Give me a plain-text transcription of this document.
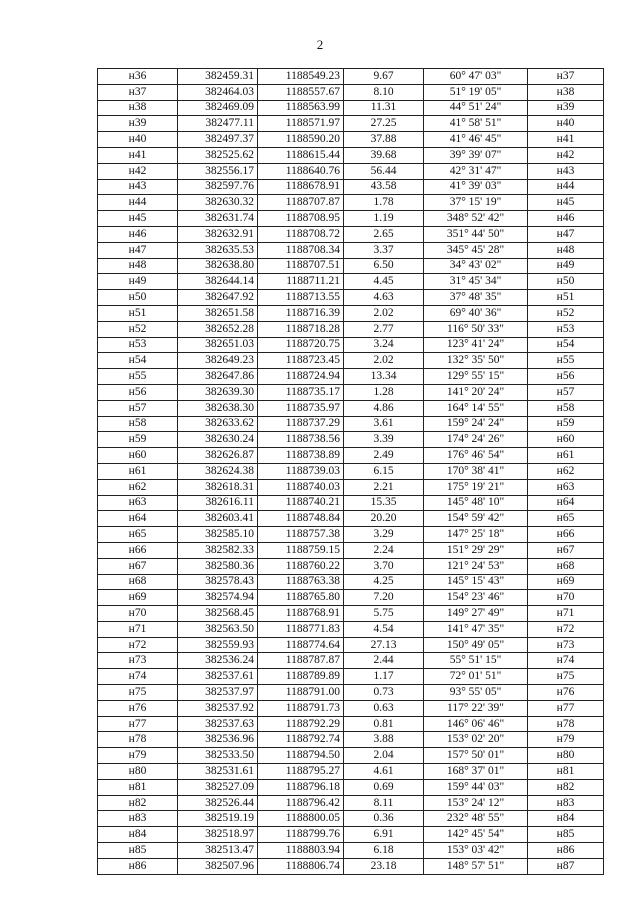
2
н36	382459.31	1188549.23	9.67	60° 47' 03"	н37
н37	382464.03	1188557.67	8.10	51° 19' 05"	н38
н38	382469.09	1188563.99	11.31	44° 51' 24"	н39
н39	382477.11	1188571.97	27.25	41° 58' 51"	н40
н40	382497.37	1188590.20	37.88	41° 46' 45"	н41
н41	382525.62	1188615.44	39.68	39° 39' 07"	н42
н42	382556.17	1188640.76	56.44	42° 31' 47"	н43
н43	382597.76	1188678.91	43.58	41° 39' 03"	н44
н44	382630.32	1188707.87	1.78	37° 15' 19"	н45
н45	382631.74	1188708.95	1.19	348° 52' 42"	н46
н46	382632.91	1188708.72	2.65	351° 44' 50"	н47
н47	382635.53	1188708.34	3.37	345° 45' 28"	н48
н48	382638.80	1188707.51	6.50	34° 43' 02"	н49
н49	382644.14	1188711.21	4.45	31° 45' 34"	н50
н50	382647.92	1188713.55	4.63	37° 48' 35"	н51
н51	382651.58	1188716.39	2.02	69° 40' 36"	н52
н52	382652.28	1188718.28	2.77	116° 50' 33"	н53
н53	382651.03	1188720.75	3.24	123° 41' 24"	н54
н54	382649.23	1188723.45	2.02	132° 35' 50"	н55
н55	382647.86	1188724.94	13.34	129° 55' 15"	н56
н56	382639.30	1188735.17	1.28	141° 20' 24"	н57
н57	382638.30	1188735.97	4.86	164° 14' 55"	н58
н58	382633.62	1188737.29	3.61	159° 24' 24"	н59
н59	382630.24	1188738.56	3.39	174° 24' 26"	н60
н60	382626.87	1188738.89	2.49	176° 46' 54"	н61
н61	382624.38	1188739.03	6.15	170° 38' 41"	н62
н62	382618.31	1188740.03	2.21	175° 19' 21"	н63
н63	382616.11	1188740.21	15.35	145° 48' 10"	н64
н64	382603.41	1188748.84	20.20	154° 59' 42"	н65
н65	382585.10	1188757.38	3.29	147° 25' 18"	н66
н66	382582.33	1188759.15	2.24	151° 29' 29"	н67
н67	382580.36	1188760.22	3.70	121° 24' 53"	н68
н68	382578.43	1188763.38	4.25	145° 15' 43"	н69
н69	382574.94	1188765.80	7.20	154° 23' 46"	н70
н70	382568.45	1188768.91	5.75	149° 27' 49"	н71
н71	382563.50	1188771.83	4.54	141° 47' 35"	н72
н72	382559.93	1188774.64	27.13	150° 49' 05"	н73
н73	382536.24	1188787.87	2.44	55° 51' 15"	н74
н74	382537.61	1188789.89	1.17	72° 01' 51"	н75
н75	382537.97	1188791.00	0.73	93° 55' 05"	н76
н76	382537.92	1188791.73	0.63	117° 22' 39"	н77
н77	382537.63	1188792.29	0.81	146° 06' 46"	н78
н78	382536.96	1188792.74	3.88	153° 02' 20"	н79
н79	382533.50	1188794.50	2.04	157° 50' 01"	н80
н80	382531.61	1188795.27	4.61	168° 37' 01"	н81
н81	382527.09	1188796.18	0.69	159° 44' 03"	н82
н82	382526.44	1188796.42	8.11	153° 24' 12"	н83
н83	382519.19	1188800.05	0.36	232° 48' 55"	н84
н84	382518.97	1188799.76	6.91	142° 45' 54"	н85
н85	382513.47	1188803.94	6.18	153° 03' 42"	н86
н86	382507.96	1188806.74	23.18	148° 57' 51"	н87
